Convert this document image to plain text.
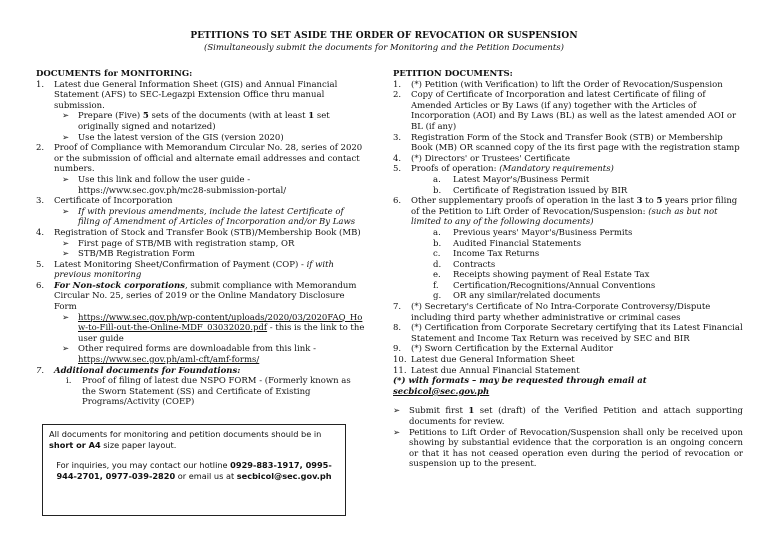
PETITIONS TO SET ASIDE THE ORDER OF REVOCATION OR SUSPENSION
(Simultaneously submit the documents for Monitoring and the Petition Documents)
DOCUMENTS for MONITORING:
1. Latest due General Information Sheet (GIS) and Annual Financial Statement (AFS) to SEC-Legazpi Extension Office thru manual submission.
➢ Prepare (Five) 5 sets of the documents (with at least 1 set originally signed and notarized)
➢ Use the latest version of the GIS (version 2020)
2. Proof of Compliance with Memorandum Circular No. 28, series of 2020 or the submission of official and alternate email addresses and contact numbers.
➢ Use this link and follow the user guide - https://www.sec.gov.ph/mc28-submission-portal/
3. Certificate of Incorporation
➢ If with previous amendments, include the latest Certificate of filing of Amendment of Articles of Incorporation and/or By Laws
4. Registration of Stock and Transfer Book (STB)/Membership Book (MB)
➢ First page of STB/MB with registration stamp, OR
➢ STB/MB Registration Form
5. Latest Monitoring Sheet/Confirmation of Payment (COP) - if with previous monitoring
6. For Non-stock corporations, submit compliance with Memorandum Circular No. 25, series of 2019 or the Online Mandatory Disclosure Form
➢ https://www.sec.gov.ph/wp-content/uploads/2020/03/2020FAQ_How-to-Fill-out-the-Online-MDF_03032020.pdf - this is the link to the user guide
➢ Other required forms are downloadable from this link - https://www.sec.gov.ph/aml-cft/amf-forms/
7. Additional documents for Foundations:
i. Proof of filing of latest due NSPO FORM - (Formerly known as the Sworn Statement (SS) and Certificate of Existing Programs/Activity (COEP)

All documents for monitoring and petition documents should be in short or A4 size paper layout.

For inquiries, you may contact our hotline 0929-883-1917, 0995-944-2701, 0977-039-2820 or email us at secbicol@sec.gov.ph

PETITION DOCUMENTS:
1. (*) Petition (with Verification) to lift the Order of Revocation/Suspension
2. Copy of Certificate of Incorporation and latest Certificate of filing of Amended Articles or By Laws (if any) together with the Articles of Incorporation (AOI) and By Laws (BL) as well as the latest amended AOI or BL (if any)
3. Registration Form of the Stock and Transfer Book (STB) or Membership Book (MB) OR scanned copy of the its first page with the registration stamp
4. (*) Directors' or Trustees' Certificate
5. Proofs of operation: (Mandatory requirements)
a. Latest Mayor's/Business Permit
b. Certificate of Registration issued by BIR
6. Other supplementary proofs of operation in the last 3 to 5 years prior filing of the Petition to Lift Order of Revocation/Suspension: (such as but not limited to any of the following documents)
a. Previous years' Mayor's/Business Permits
b. Audited Financial Statements
c. Income Tax Returns
d. Contracts
e. Receipts showing payment of Real Estate Tax
f. Certification/Recognitions/Annual Conventions
g. OR any similar/related documents
7. (*) Secretary's Certificate of No Intra-Corporate Controversy/Dispute including third party whether administrative or criminal cases
8. (*) Certification from Corporate Secretary certifying that its Latest Financial Statement and Income Tax Return was received by SEC and BIR
9. (*) Sworn Certification by the External Auditor
10. Latest due General Information Sheet
11. Latest due Annual Financial Statement
(*) with formats – may be requested through email at secbicol@sec.gov.ph
➢ Submit first 1 set (draft) of the Verified Petition and attach supporting documents for review.
➢ Petitions to Lift Order of Revocation/Suspension shall only be received upon showing by substantial evidence that the corporation is an ongoing concern or that it has not ceased operation even during the period of revocation or suspension up to the present.
